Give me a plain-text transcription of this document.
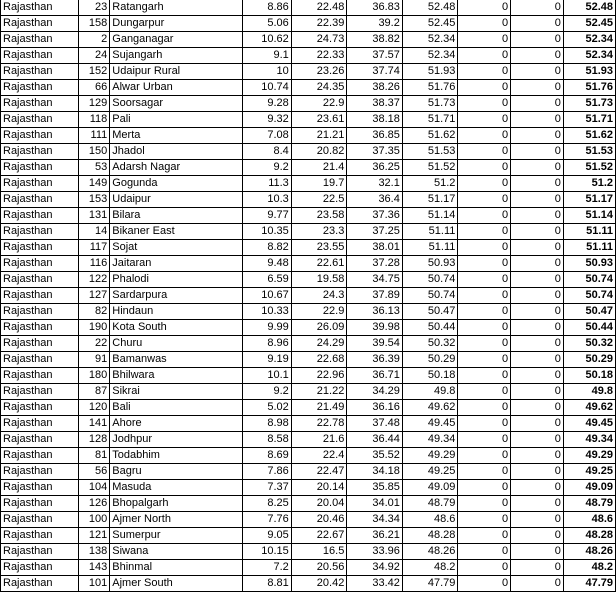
Rajasthan	23	Ratangarh	8.86	22.48	36.83	52.48	0	0	52.48
Rajasthan	158	Dungarpur	5.06	22.39	39.2	52.45	0	0	52.45
Rajasthan	2	Ganganagar	10.62	24.73	38.82	52.34	0	0	52.34
Rajasthan	24	Sujangarh	9.1	22.33	37.57	52.34	0	0	52.34
Rajasthan	152	Udaipur Rural	10	23.26	37.74	51.93	0	0	51.93
Rajasthan	66	Alwar Urban	10.74	24.35	38.26	51.76	0	0	51.76
Rajasthan	129	Soorsagar	9.28	22.9	38.37	51.73	0	0	51.73
Rajasthan	118	Pali	9.32	23.61	38.18	51.71	0	0	51.71
Rajasthan	111	Merta	7.08	21.21	36.85	51.62	0	0	51.62
Rajasthan	150	Jhadol	8.4	20.82	37.35	51.53	0	0	51.53
Rajasthan	53	Adarsh Nagar	9.2	21.4	36.25	51.52	0	0	51.52
Rajasthan	149	Gogunda	11.3	19.7	32.1	51.2	0	0	51.2
Rajasthan	153	Udaipur	10.3	22.5	36.4	51.17	0	0	51.17
Rajasthan	131	Bilara	9.77	23.58	37.36	51.14	0	0	51.14
Rajasthan	14	Bikaner East	10.35	23.3	37.25	51.11	0	0	51.11
Rajasthan	117	Sojat	8.82	23.55	38.01	51.11	0	0	51.11
Rajasthan	116	Jaitaran	9.48	22.61	37.28	50.93	0	0	50.93
Rajasthan	122	Phalodi	6.59	19.58	34.75	50.74	0	0	50.74
Rajasthan	127	Sardarpura	10.67	24.3	37.89	50.74	0	0	50.74
Rajasthan	82	Hindaun	10.33	22.9	36.13	50.47	0	0	50.47
Rajasthan	190	Kota South	9.99	26.09	39.98	50.44	0	0	50.44
Rajasthan	22	Churu	8.96	24.29	39.54	50.32	0	0	50.32
Rajasthan	91	Bamanwas	9.19	22.68	36.39	50.29	0	0	50.29
Rajasthan	180	Bhilwara	10.1	22.96	36.71	50.18	0	0	50.18
Rajasthan	87	Sikrai	9.2	21.22	34.29	49.8	0	0	49.8
Rajasthan	120	Bali	5.02	21.49	36.16	49.62	0	0	49.62
Rajasthan	141	Ahore	8.98	22.78	37.48	49.45	0	0	49.45
Rajasthan	128	Jodhpur	8.58	21.6	36.44	49.34	0	0	49.34
Rajasthan	81	Todabhim	8.69	22.4	35.52	49.29	0	0	49.29
Rajasthan	56	Bagru	7.86	22.47	34.18	49.25	0	0	49.25
Rajasthan	104	Masuda	7.37	20.14	35.85	49.09	0	0	49.09
Rajasthan	126	Bhopalgarh	8.25	20.04	34.01	48.79	0	0	48.79
Rajasthan	100	Ajmer North	7.76	20.46	34.34	48.6	0	0	48.6
Rajasthan	121	Sumerpur	9.05	22.67	36.21	48.28	0	0	48.28
Rajasthan	138	Siwana	10.15	16.5	33.96	48.26	0	0	48.26
Rajasthan	143	Bhinmal	7.2	20.56	34.92	48.2	0	0	48.2
Rajasthan	101	Ajmer South	8.81	20.42	33.42	47.79	0	0	47.79
